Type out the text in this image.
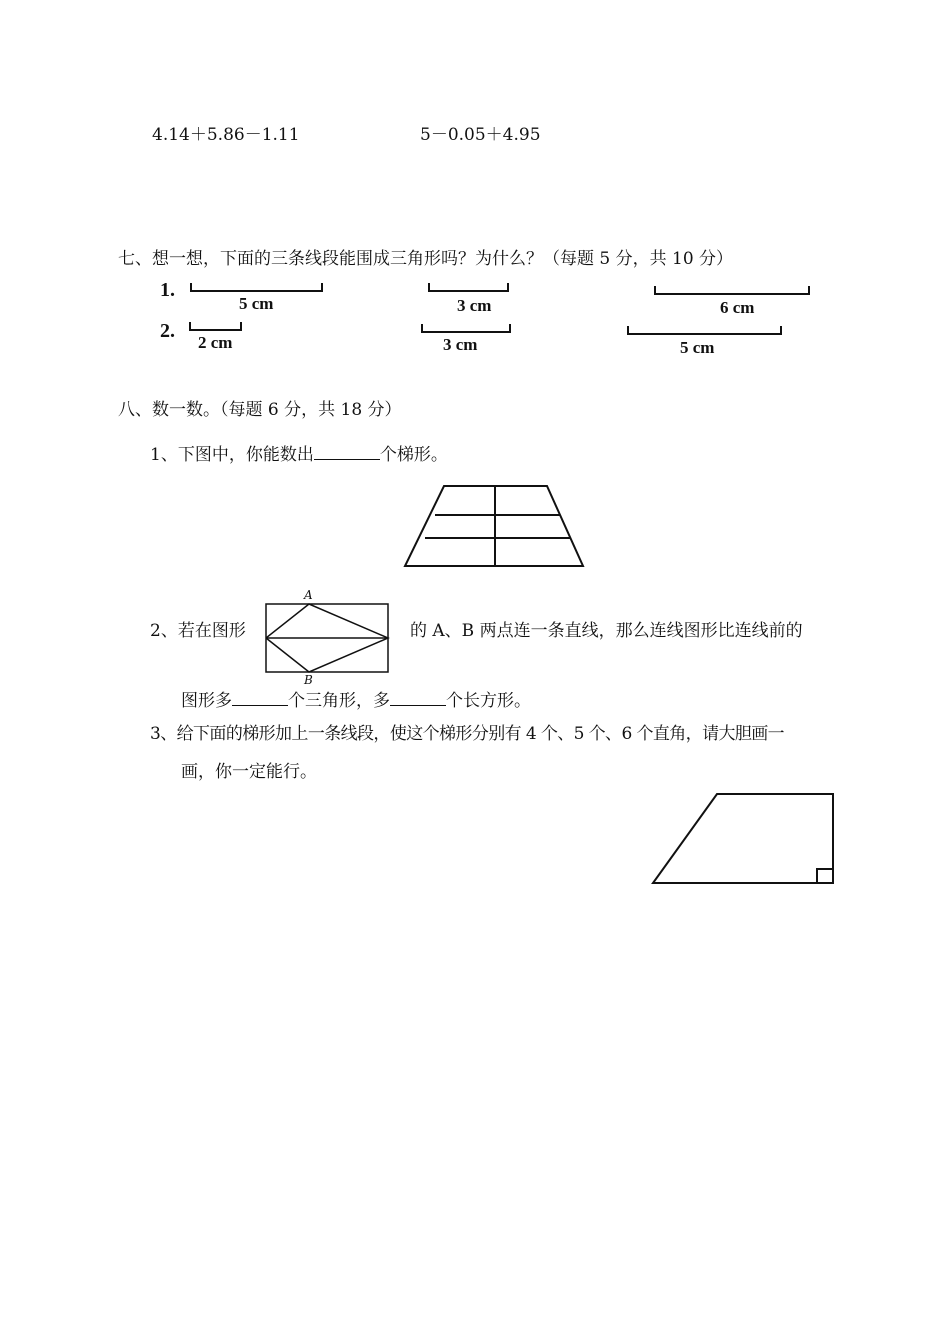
4.14＋5.86－1.11	5－0.05＋4.95
七、想一想，下面的三条线段能围成三角形吗？为什么？（每题 5 分，共 10 分）
1.
5 cm	3 cm	6 cm
2.
2 cm	3 cm	5 cm
八、数一数。（每题 6 分，共 18 分）
1、下图中，你能数出	个梯形。
2、若在图形
A
B
的 A、B 两点连一条直线，那么连线图形比连线前的
图形多	个三角形，多	个长方形。
3、给下面的梯形加上一条线段，使这个梯形分别有 4 个、5 个、6 个直角，请大胆画一
画，你一定能行。
